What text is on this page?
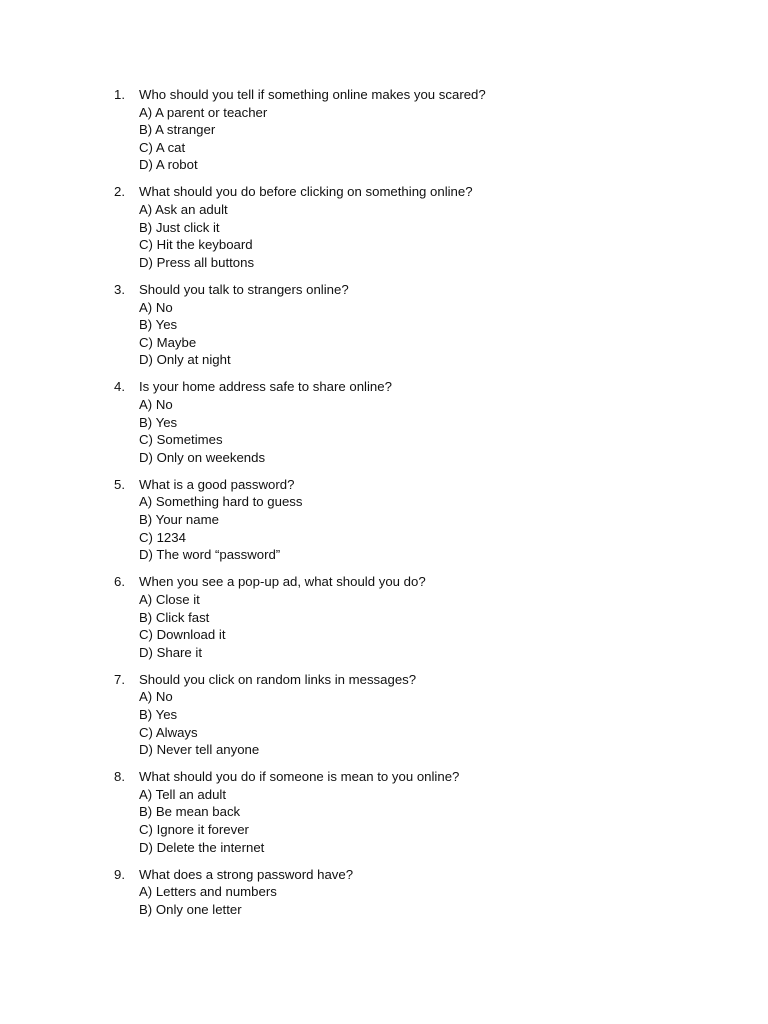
1.	Who should you tell if something online makes you scared?
A) A parent or teacher
B) A stranger
C) A cat
D) A robot
2.	What should you do before clicking on something online?
A) Ask an adult
B) Just click it
C) Hit the keyboard
D) Press all buttons
3.	Should you talk to strangers online?
A) No
B) Yes
C) Maybe
D) Only at night
4.	Is your home address safe to share online?
A) No
B) Yes
C) Sometimes
D) Only on weekends
5.	What is a good password?
A) Something hard to guess
B) Your name
C) 1234
D) The word “password”
6.	When you see a pop-up ad, what should you do?
A) Close it
B) Click fast
C) Download it
D) Share it
7.	Should you click on random links in messages?
A) No
B) Yes
C) Always
D) Never tell anyone
8.	What should you do if someone is mean to you online?
A) Tell an adult
B) Be mean back
C) Ignore it forever
D) Delete the internet
9.	What does a strong password have?
A) Letters and numbers
B) Only one letter
